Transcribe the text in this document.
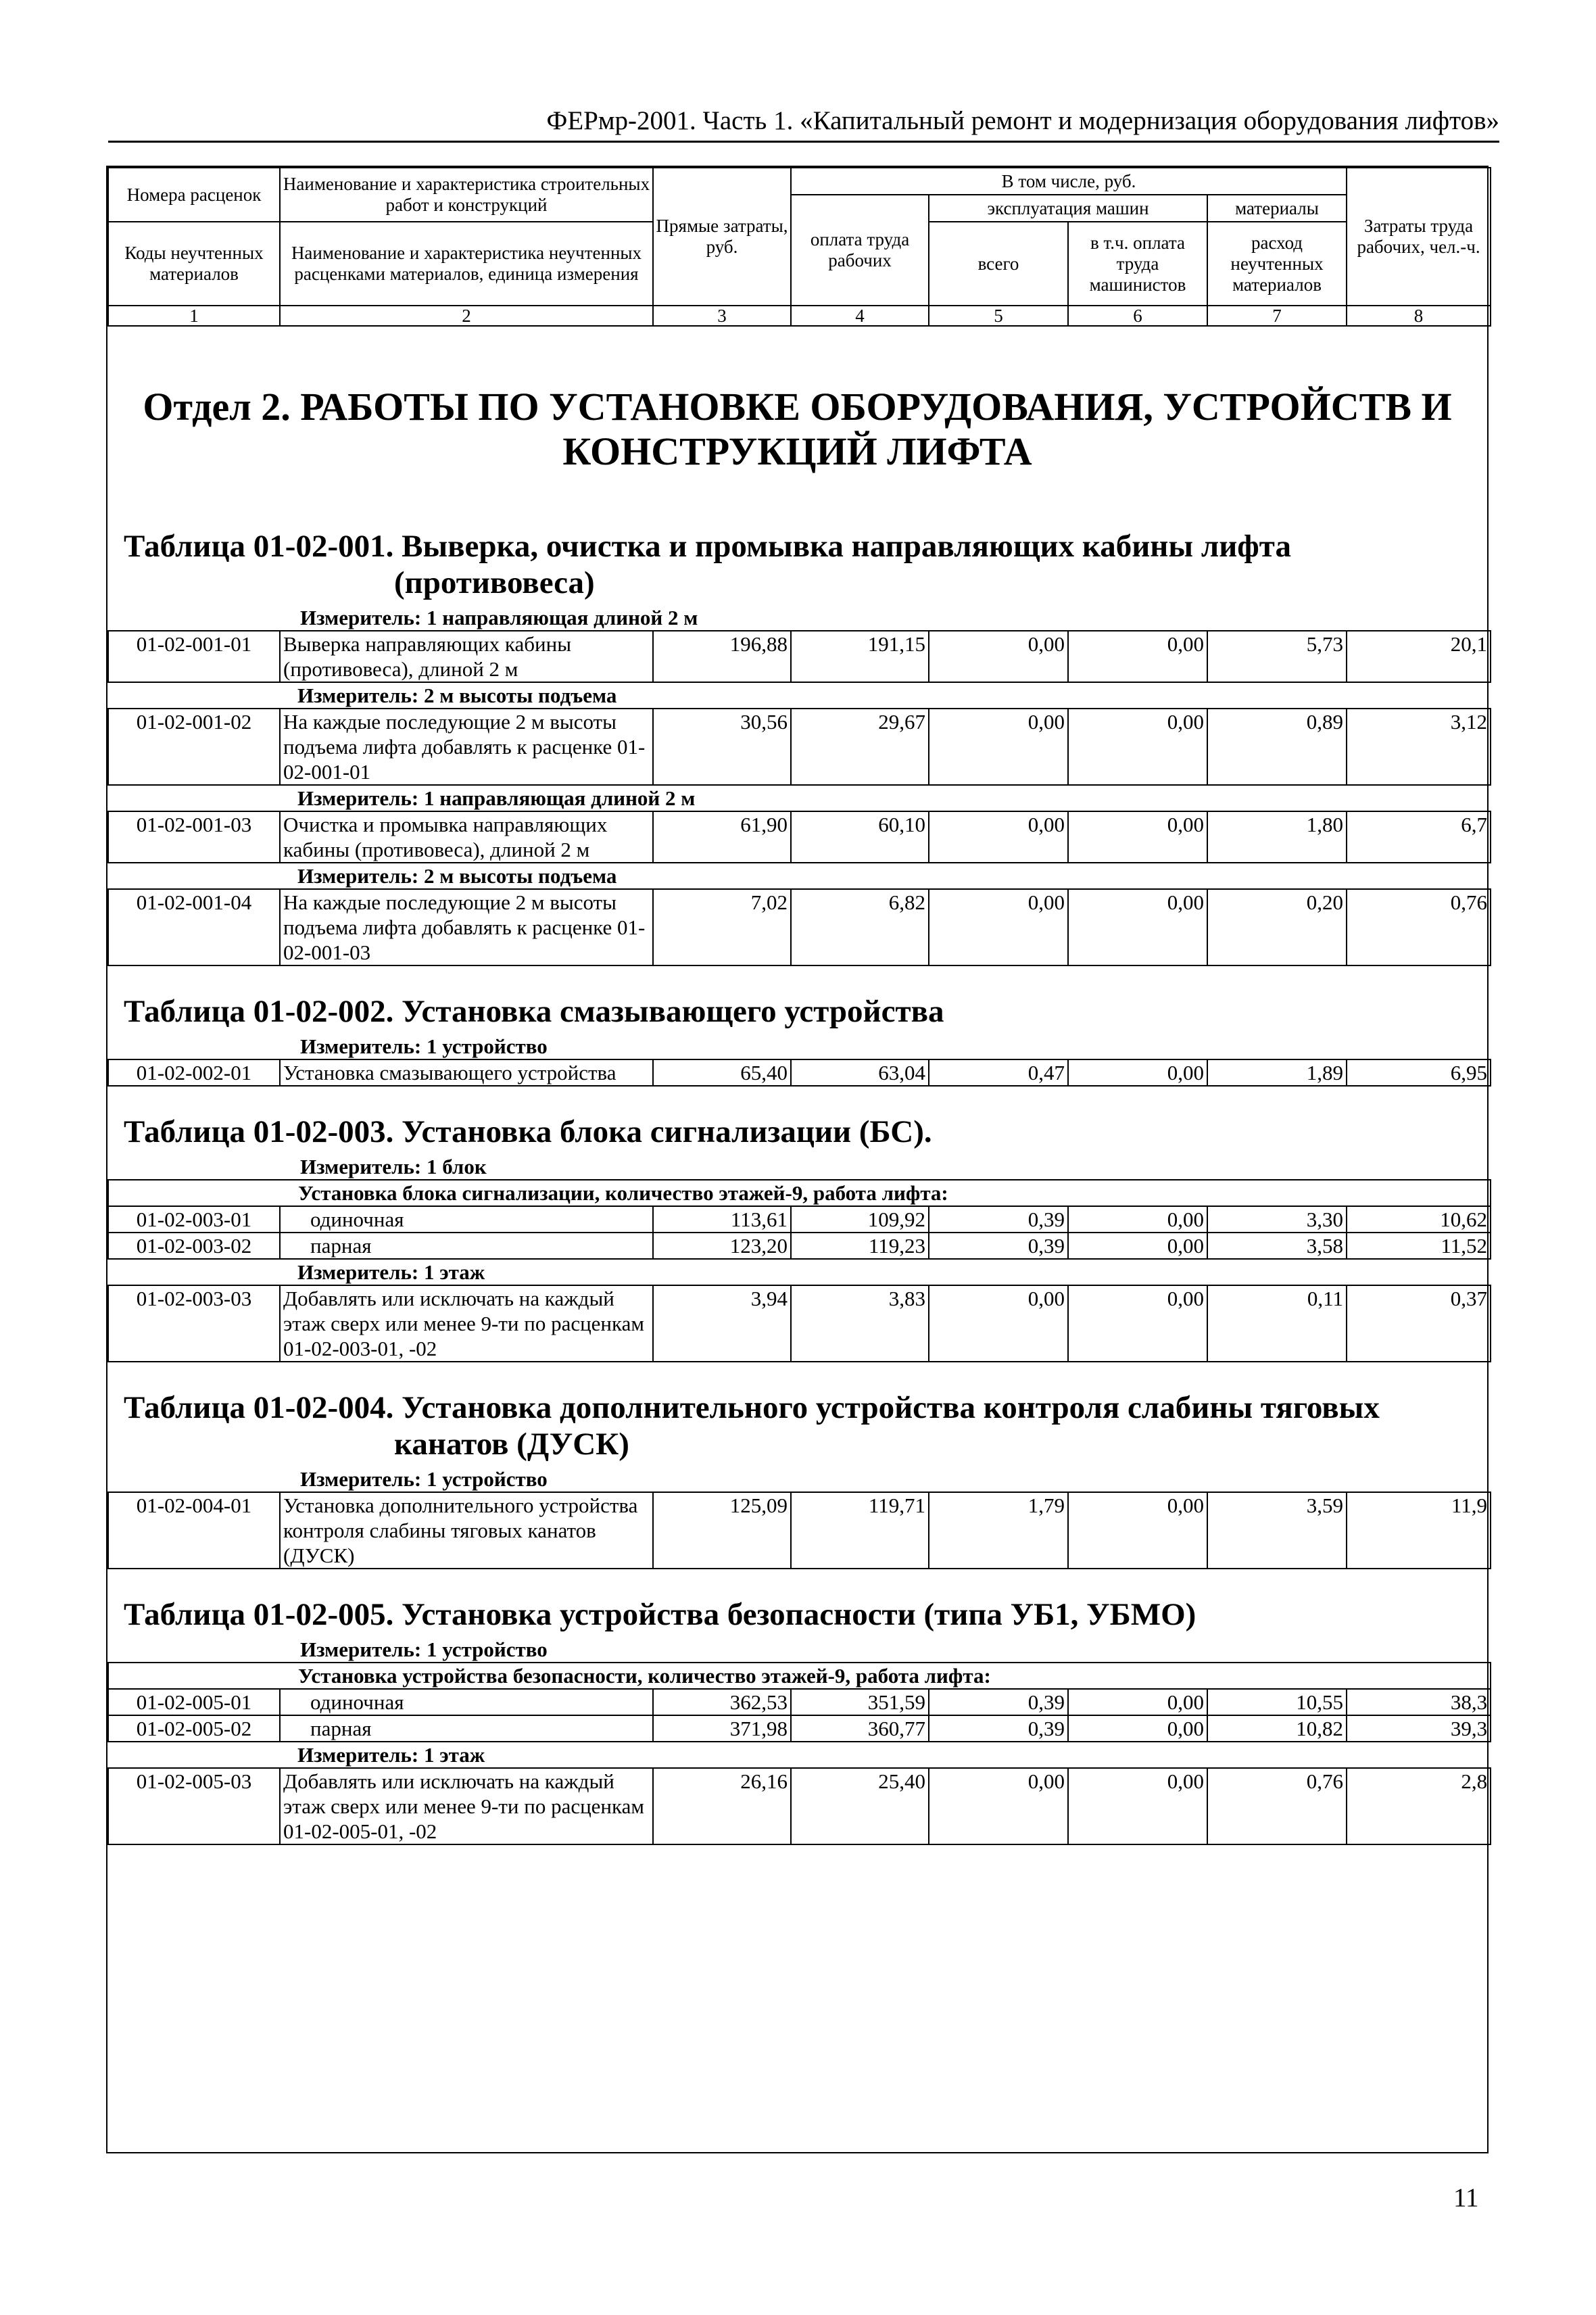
ФЕРмр-2001. Часть 1. «Капитальный ремонт и модернизация оборудования лифтов»
Номера расценок	Наименование и характеристика строительных работ и конструкций	Прямые затраты, руб.	В том числе, руб.				Затраты труда рабочих, чел.-ч.
			оплата труда рабочих	эксплуатация машин		материалы	
Коды неучтенных материалов	Наименование и характеристика неучтенных расценками материалов, единица измерения			всего	в т.ч. оплата труда машинистов	расход неучтенных материалов	

1	2	3	4	5	6	7	8
Отдел 2. РАБОТЫ ПО УСТАНОВКЕ ОБОРУДОВАНИЯ, УСТРОЙСТВ И КОНСТРУКЦИЙ ЛИФТА
Таблица 01-02-001. Выверка, очистка и промывка направляющих кабины лифта
(противовеса)
Измеритель: 1 направляющая длиной 2 м
01-02-001-01	Выверка направляющих кабины (противовеса), длиной 2 м	196,88	191,15	0,00	0,00	5,73	20,1
Измеритель: 2 м высоты подъема							
01-02-001-02	На каждые последующие 2 м высоты подъема лифта добавлять к расценке 01-02-001-01	30,56	29,67	0,00	0,00	0,89	3,12
Измеритель: 1 направляющая длиной 2 м							
01-02-001-03	Очистка и промывка направляющих кабины (противовеса), длиной 2 м	61,90	60,10	0,00	0,00	1,80	6,7
Измеритель: 2 м высоты подъема							
01-02-001-04	На каждые последующие 2 м высоты подъема лифта добавлять к расценке 01-02-001-03	7,02	6,82	0,00	0,00	0,20	0,76
Таблица 01-02-002. Установка смазывающего устройства
Измеритель: 1 устройство
01-02-002-01	Установка смазывающего устройства	65,40	63,04	0,47	0,00	1,89	6,95
Таблица 01-02-003. Установка блока сигнализации (БС).
Измеритель: 1 блок
Установка блока сигнализации, количество этажей-9, работа лифта:							
01-02-003-01	одиночная	113,61	109,92	0,39	0,00	3,30	10,62
01-02-003-02	парная	123,20	119,23	0,39	0,00	3,58	11,52
Измеритель: 1 этаж							
01-02-003-03	Добавлять или исключать на каждый этаж сверх или менее 9-ти по расценкам 01-02-003-01, -02	3,94	3,83	0,00	0,00	0,11	0,37
Таблица 01-02-004. Установка дополнительного устройства контроля слабины тяговых
канатов (ДУСК)
Измеритель: 1 устройство
01-02-004-01	Установка дополнительного устройства контроля слабины тяговых канатов (ДУСК)	125,09	119,71	1,79	0,00	3,59	11,9
Таблица 01-02-005. Установка устройства безопасности (типа УБ1, УБМО)
Измеритель: 1 устройство
Установка устройства безопасности, количество этажей-9, работа лифта:							
01-02-005-01	одиночная	362,53	351,59	0,39	0,00	10,55	38,3
01-02-005-02	парная	371,98	360,77	0,39	0,00	10,82	39,3
Измеритель: 1 этаж							
01-02-005-03	Добавлять или исключать на каждый этаж сверх или менее 9-ти по расценкам 01-02-005-01, -02	26,16	25,40	0,00	0,00	0,76	2,8
11
